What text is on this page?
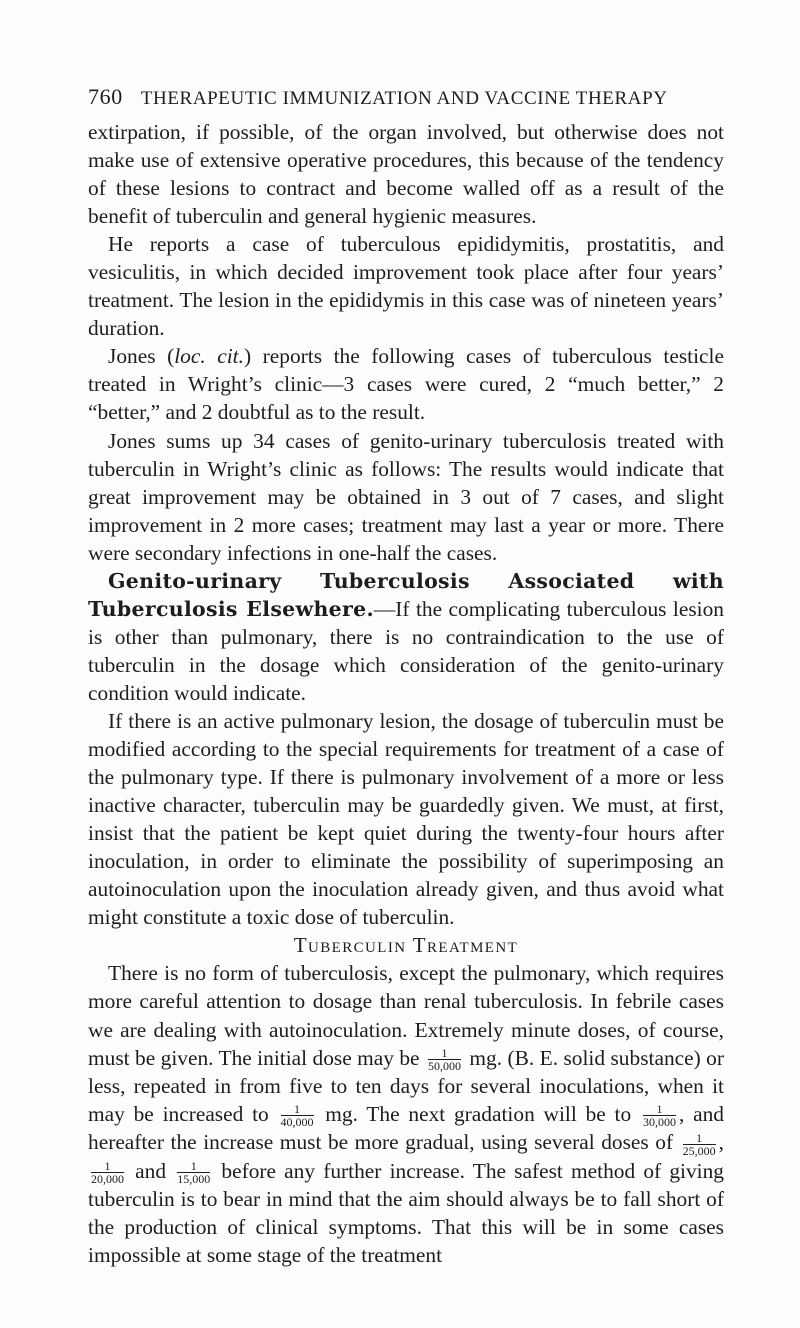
760 THERAPEUTIC IMMUNIZATION AND VACCINE THERAPY

extirpation, if possible, of the organ involved, but otherwise does not make use of extensive operative procedures, this because of the tendency of these lesions to contract and become walled off as a result of the benefit of tuberculin and general hygienic measures.

He reports a case of tuberculous epididymitis, prostatitis, and vesiculitis, in which decided improvement took place after four years’ treatment. The lesion in the epididymis in this case was of nineteen years’ duration.

Jones (loc. cit.) reports the following cases of tuberculous testicle treated in Wright’s clinic—3 cases were cured, 2 “much better,” 2 “better,” and 2 doubtful as to the result.

Jones sums up 34 cases of genito-urinary tuberculosis treated with tuberculin in Wright’s clinic as follows: The results would indicate that great improvement may be obtained in 3 out of 7 cases, and slight improvement in 2 more cases; treatment may last a year or more. There were secondary infections in one-half the cases.

Genito-urinary Tuberculosis Associated with Tuberculosis Elsewhere.—If the complicating tuberculous lesion is other than pulmonary, there is no contraindication to the use of tuberculin in the dosage which consideration of the genito-urinary condition would indicate.

If there is an active pulmonary lesion, the dosage of tuberculin must be modified according to the special requirements for treatment of a case of the pulmonary type. If there is pulmonary involvement of a more or less inactive character, tuberculin may be guardedly given. We must, at first, insist that the patient be kept quiet during the twenty-four hours after inoculation, in order to eliminate the possibility of superimposing an autoinoculation upon the inoculation already given, and thus avoid what might constitute a toxic dose of tuberculin.

Tuberculin Treatment

There is no form of tuberculosis, except the pulmonary, which requires more careful attention to dosage than renal tuberculosis. In febrile cases we are dealing with autoinoculation. Extremely minute doses, of course, must be given. The initial dose may be $\frac{1}{50,000}$ mg. (B. E. solid substance) or less, repeated in from five to ten days for several inoculations, when it may be increased to $\frac{1}{40,000}$ mg. The next gradation will be to $\frac{1}{30,000}$ , and hereafter the increase must be more gradual, using several doses of $\frac{1}{25,000}$ ,
$\frac{1}{20,000}$ and $\frac{1}{15,000}$ before any further increase. The safest method of giving tuberculin is to bear in mind that the aim should always be to fall short of the production of clinical symptoms. That this will be in some cases impossible at some stage of the treatment
